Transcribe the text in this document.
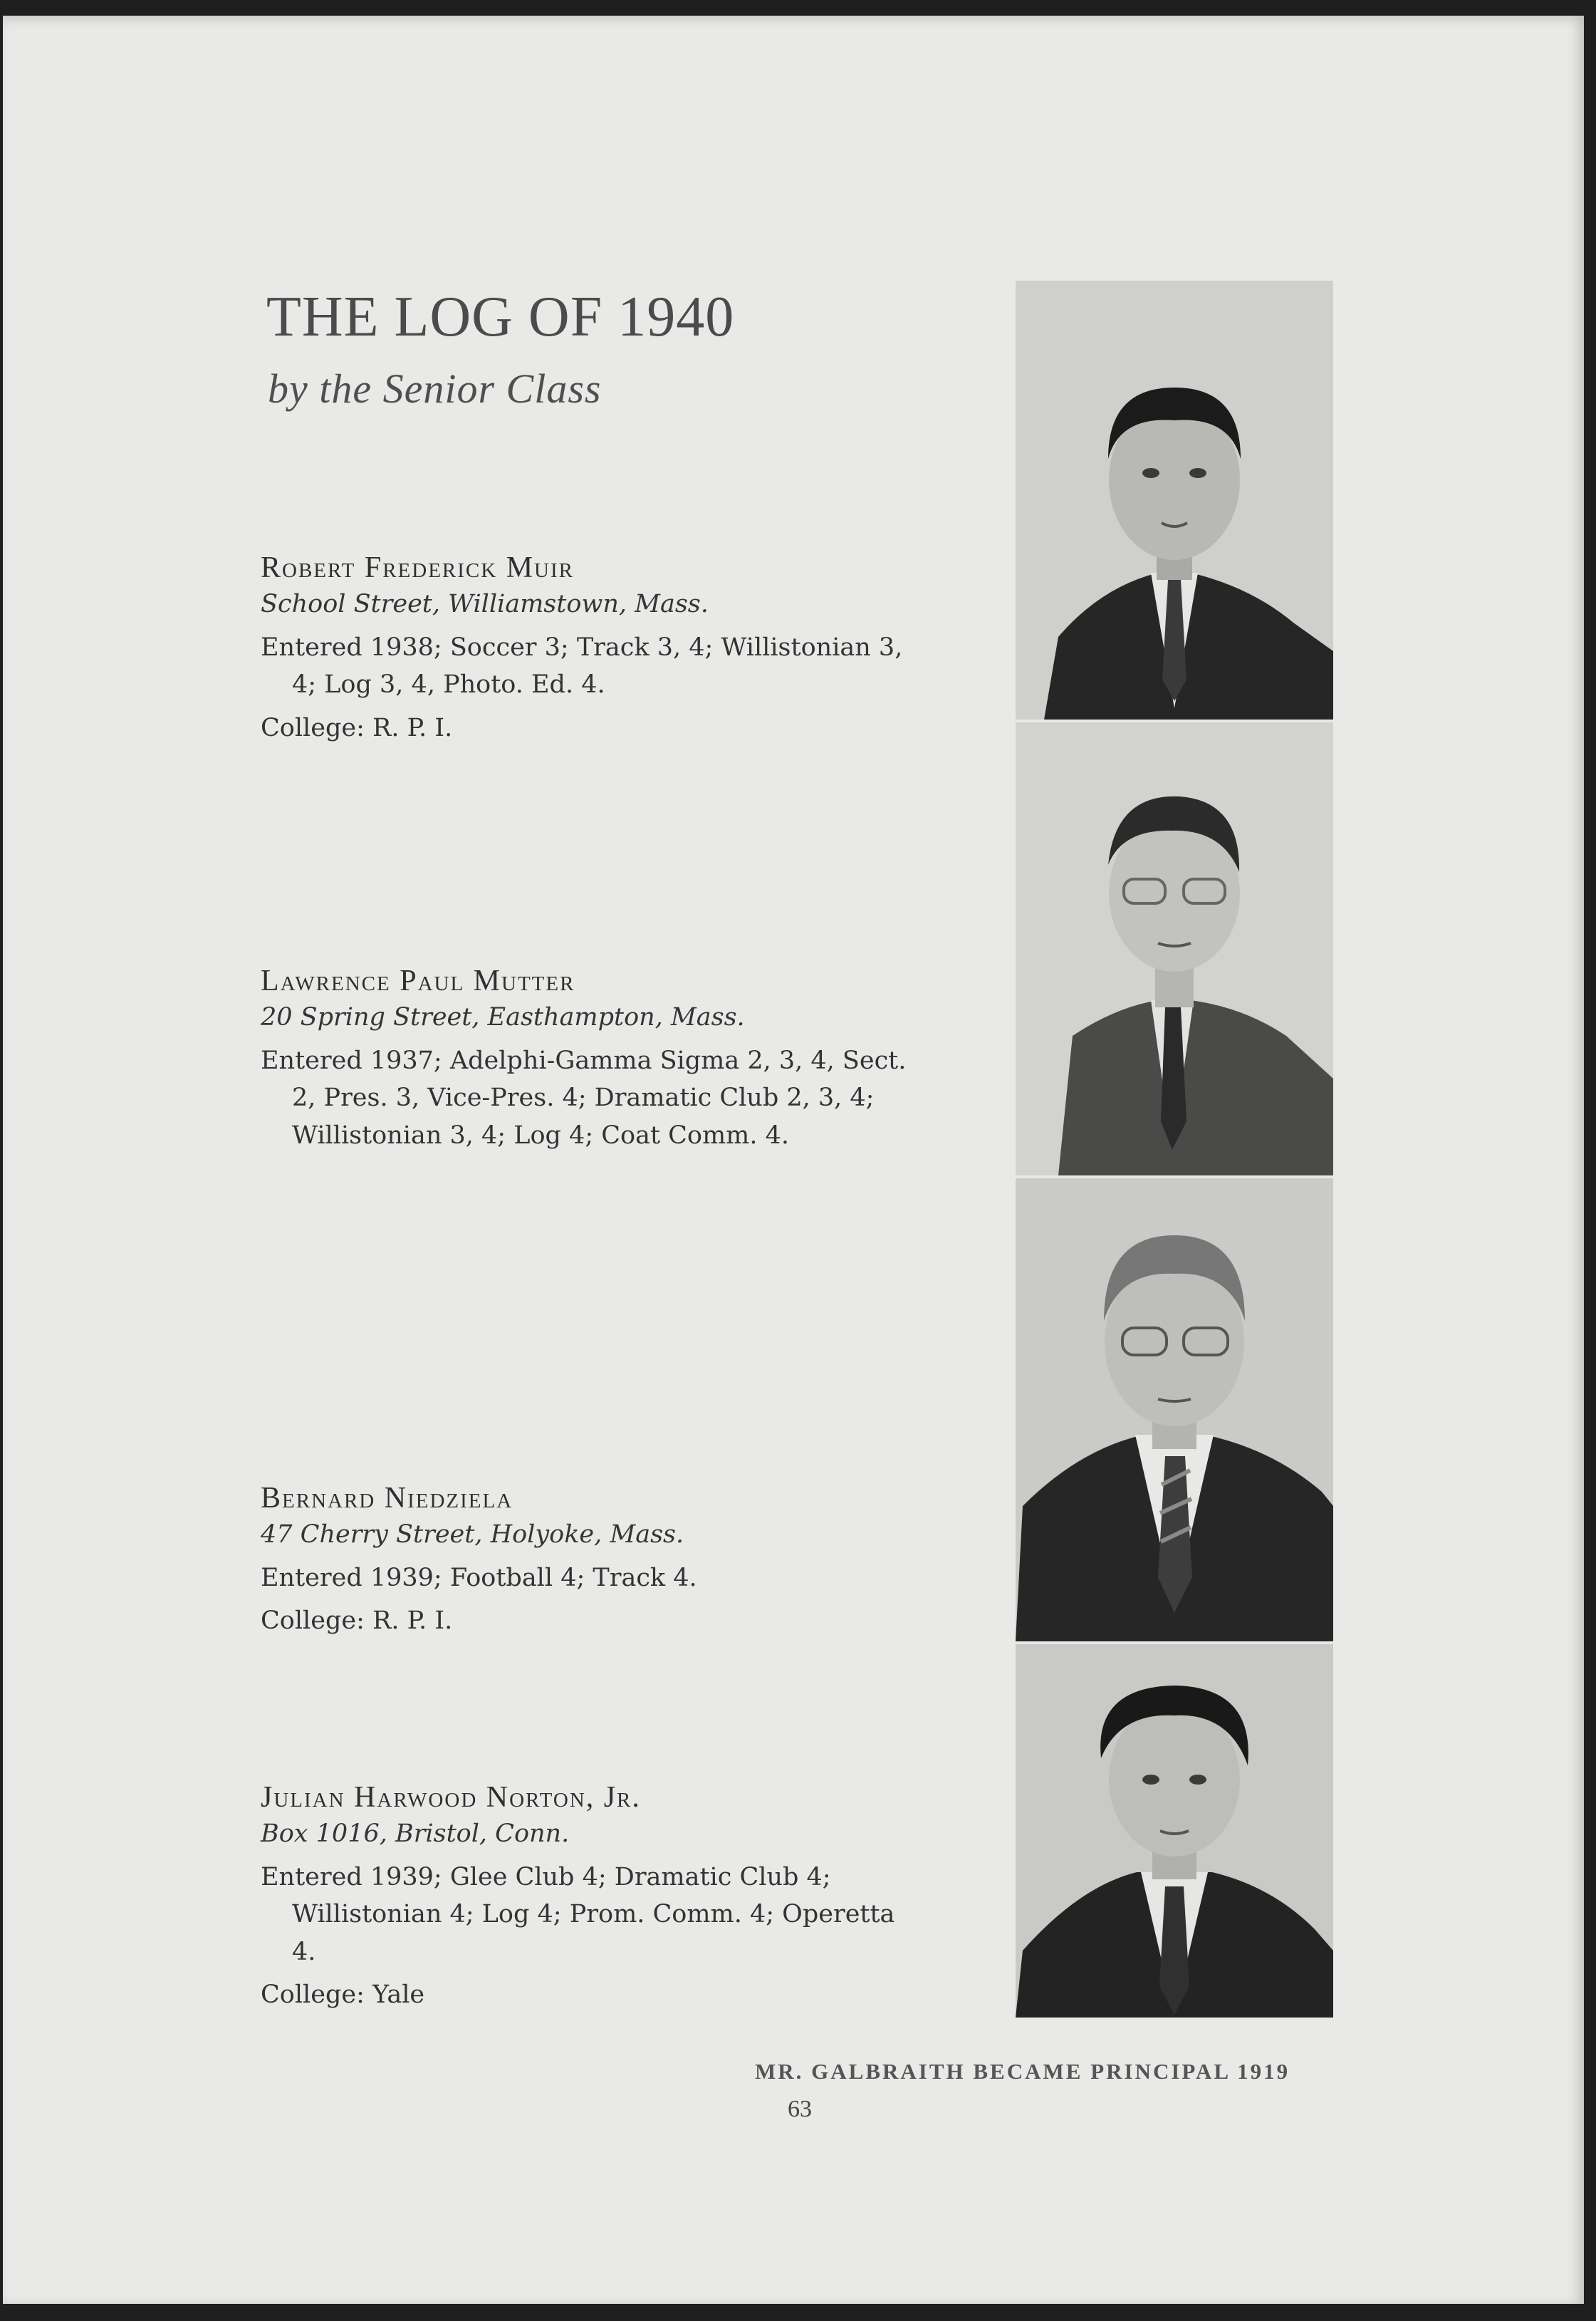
THE LOG OF 1940
by the Senior Class
Robert Frederick Muir
School Street, Williamstown, Mass.
Entered 1938; Soccer 3; Track 3, 4; Willistonian 3, 4; Log 3, 4, Photo. Ed. 4.
College: R. P. I.
Lawrence Paul Mutter
20 Spring Street, Easthampton, Mass.
Entered 1937; Adelphi-Gamma Sigma 2, 3, 4, Sect. 2, Pres. 3, Vice-Pres. 4; Dramatic Club 2, 3, 4; Willistonian 3, 4; Log 4; Coat Comm. 4.
Bernard Niedziela
47 Cherry Street, Holyoke, Mass.
Entered 1939; Football 4; Track 4.
College: R. P. I.
Julian Harwood Norton, Jr.
Box 1016, Bristol, Conn.
Entered 1939; Glee Club 4; Dramatic Club 4; Willistonian 4; Log 4; Prom. Comm. 4; Operetta 4.
College: Yale
MR. GALBRAITH BECAME PRINCIPAL 1919
63
